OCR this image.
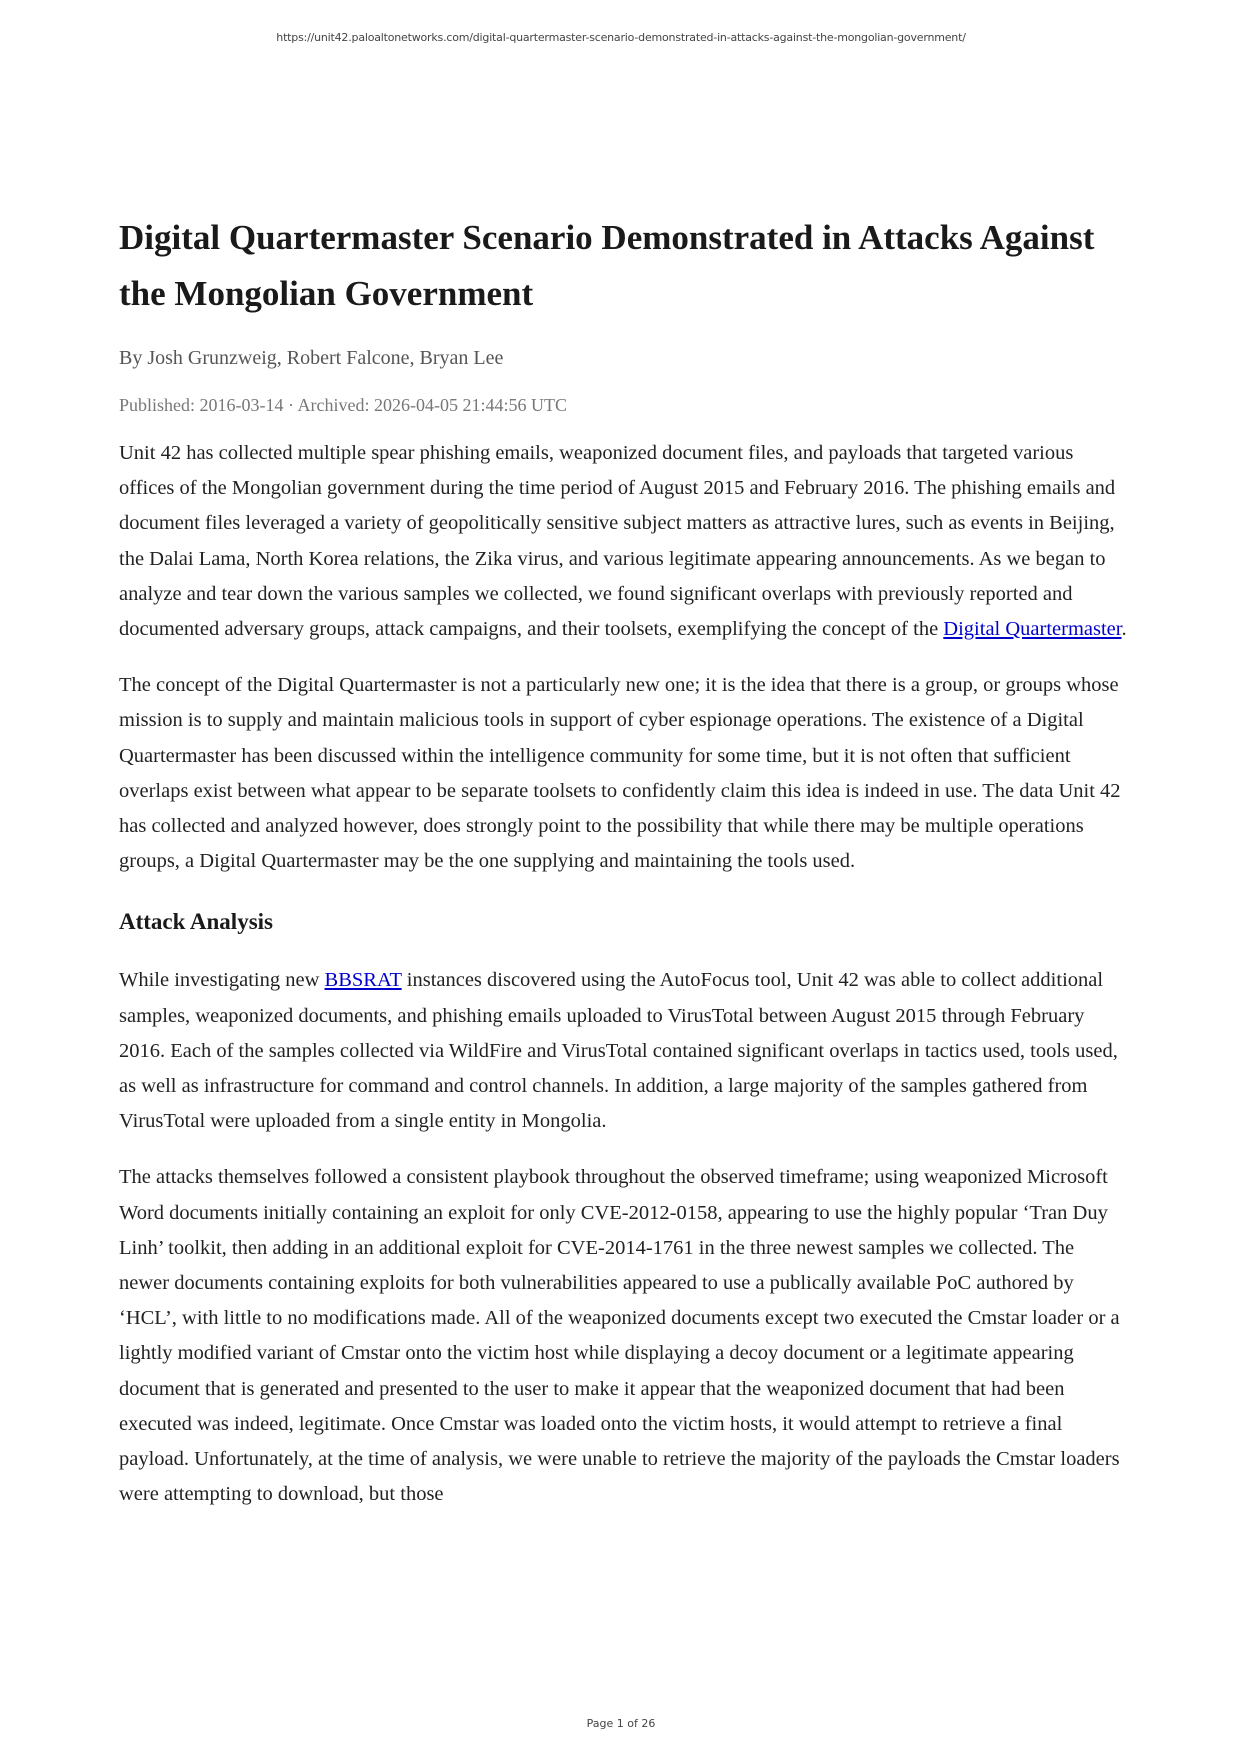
https://unit42.paloaltonetworks.com/digital-quartermaster-scenario-demonstrated-in-attacks-against-the-mongolian-government/
Digital Quartermaster Scenario Demonstrated in Attacks Against the Mongolian Government
By Josh Grunzweig, Robert Falcone, Bryan Lee
Published: 2016-03-14 · Archived: 2026-04-05 21:44:56 UTC

Unit 42 has collected multiple spear phishing emails, weaponized document files, and payloads that targeted various offices of the Mongolian government during the time period of August 2015 and February 2016. The phishing emails and document files leveraged a variety of geopolitically sensitive subject matters as attractive lures, such as events in Beijing, the Dalai Lama, North Korea relations, the Zika virus, and various legitimate appearing announcements. As we began to analyze and tear down the various samples we collected, we found significant overlaps with previously reported and documented adversary groups, attack campaigns, and their toolsets, exemplifying the concept of the Digital Quartermaster.

The concept of the Digital Quartermaster is not a particularly new one; it is the idea that there is a group, or groups whose mission is to supply and maintain malicious tools in support of cyber espionage operations. The existence of a Digital Quartermaster has been discussed within the intelligence community for some time, but it is not often that sufficient overlaps exist between what appear to be separate toolsets to confidently claim this idea is indeed in use. The data Unit 42 has collected and analyzed however, does strongly point to the possibility that while there may be multiple operations groups, a Digital Quartermaster may be the one supplying and maintaining the tools used.

Attack Analysis

While investigating new BBSRAT instances discovered using the AutoFocus tool, Unit 42 was able to collect additional samples, weaponized documents, and phishing emails uploaded to VirusTotal between August 2015 through February 2016. Each of the samples collected via WildFire and VirusTotal contained significant overlaps in tactics used, tools used, as well as infrastructure for command and control channels. In addition, a large majority of the samples gathered from VirusTotal were uploaded from a single entity in Mongolia.

The attacks themselves followed a consistent playbook throughout the observed timeframe; using weaponized Microsoft Word documents initially containing an exploit for only CVE-2012-0158, appearing to use the highly popular ‘Tran Duy Linh’ toolkit, then adding in an additional exploit for CVE-2014-1761 in the three newest samples we collected. The newer documents containing exploits for both vulnerabilities appeared to use a publically available PoC authored by ‘HCL’, with little to no modifications made. All of the weaponized documents except two executed the Cmstar loader or a lightly modified variant of Cmstar onto the victim host while displaying a decoy document or a legitimate appearing document that is generated and presented to the user to make it appear that the weaponized document that had been executed was indeed, legitimate. Once Cmstar was loaded onto the victim hosts, it would attempt to retrieve a final payload. Unfortunately, at the time of analysis, we were unable to retrieve the majority of the payloads the Cmstar loaders were attempting to download, but those

Page 1 of 26
